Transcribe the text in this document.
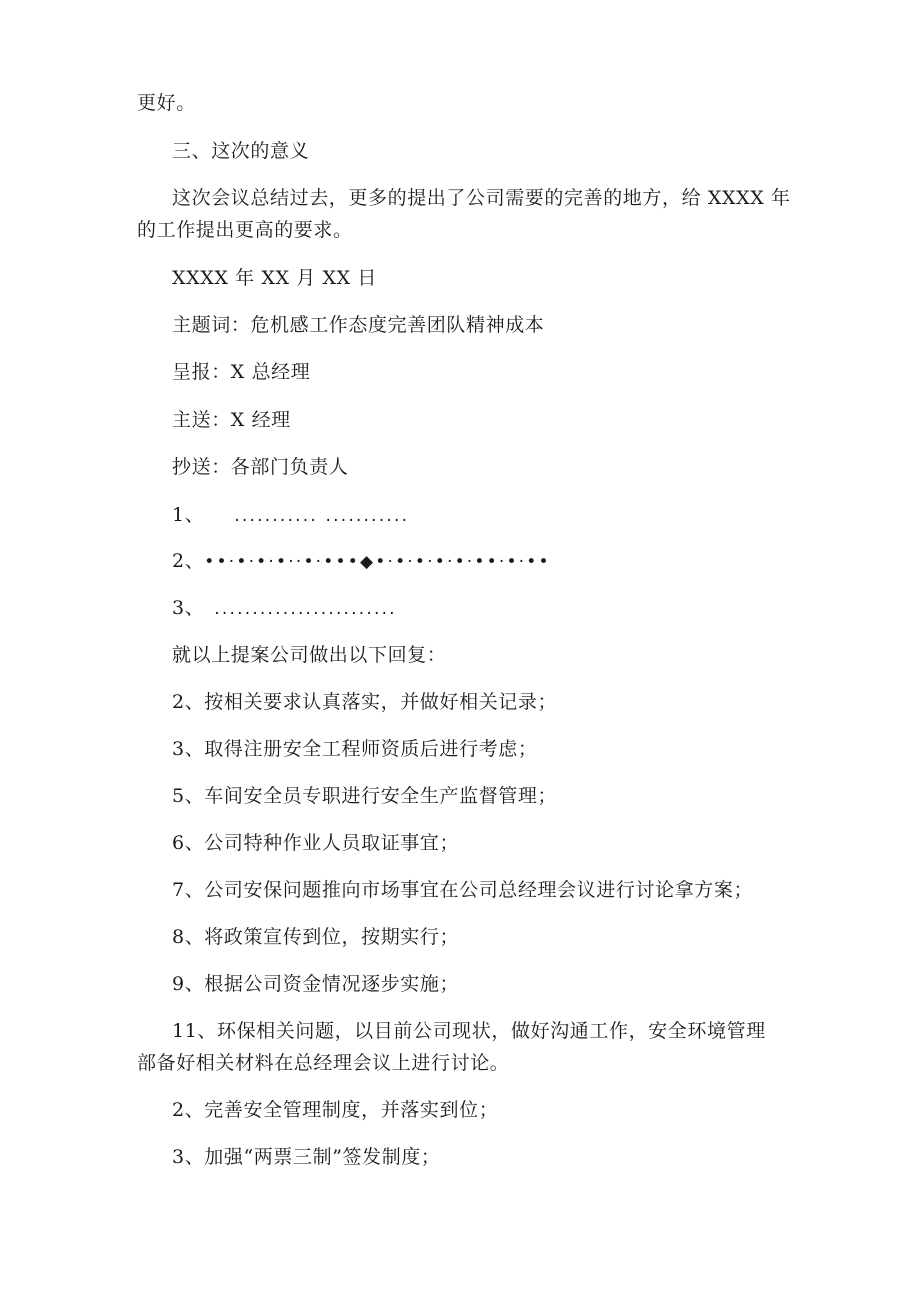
更好。
三、这次的意义
这次会议总结过去，更多的提出了公司需要的完善的地方，给 XXXX 年
的工作提出更高的要求。
XXXX 年 XX 月 XX 日
主题词：危机感工作态度完善团队精神成本
呈报：X 总经理
主送：X 经理
抄送：各部门负责人
1、 ........... ...........
2、••·•·•·•··•·•••◆•·•·•·•·•·••·•·••
3、 ........................
就以上提案公司做出以下回复：
2、按相关要求认真落实，并做好相关记录；
3、取得注册安全工程师资质后进行考虑；
5、车间安全员专职进行安全生产监督管理；
6、公司特种作业人员取证事宜；
7、公司安保问题推向市场事宜在公司总经理会议进行讨论拿方案；
8、将政策宣传到位，按期实行；
9、根据公司资金情况逐步实施；
11、环保相关问题，以目前公司现状，做好沟通工作，安全环境管理
部备好相关材料在总经理会议上进行讨论。
2、完善安全管理制度，并落实到位；
3、加强“两票三制”签发制度；
